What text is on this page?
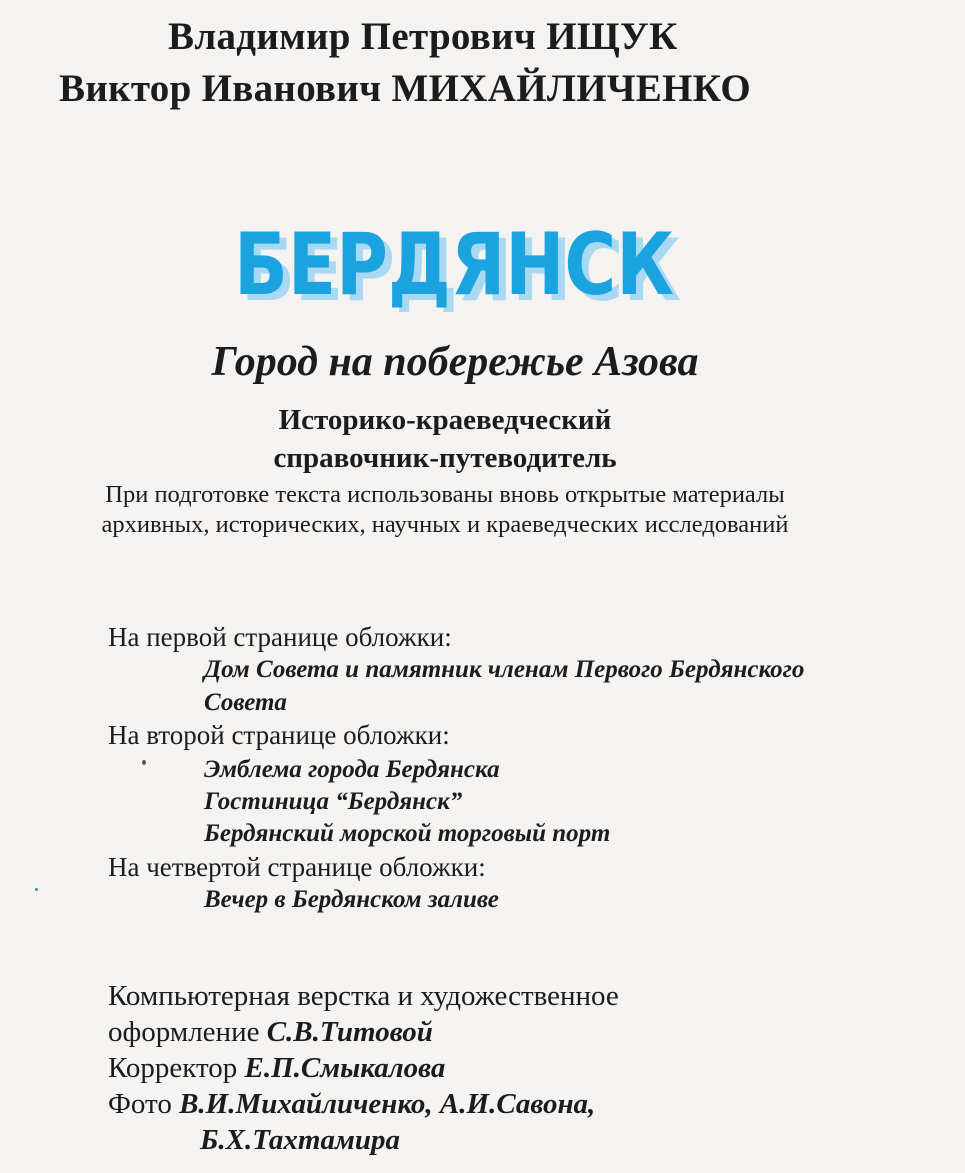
Владимир Петрович ИЩУК
Виктор Иванович МИХАЙЛИЧЕНКО
БЕРДЯНСК
БЕРДЯНСК
Город на побережье Азова
Историко-краеведческий
справочник-путеводитель
При подготовке текста использованы вновь открытые материалы
архивных, исторических, научных и краеведческих исследований
На первой странице обложки:
Дом Совета и памятник членам Первого Бердянского
Совета
На второй странице обложки:
Эмблема города Бердянска
Гостиница “Бердянск”
Бердянский морской торговый порт
На четвертой странице обложки:
Вечер в Бердянском заливе
Компьютерная верстка и художественное
оформление С.В.Титовой
Корректор Е.П.Смыкалова
Фото В.И.Михайличенко, А.И.Савона,
Б.Х.Тахтамира
